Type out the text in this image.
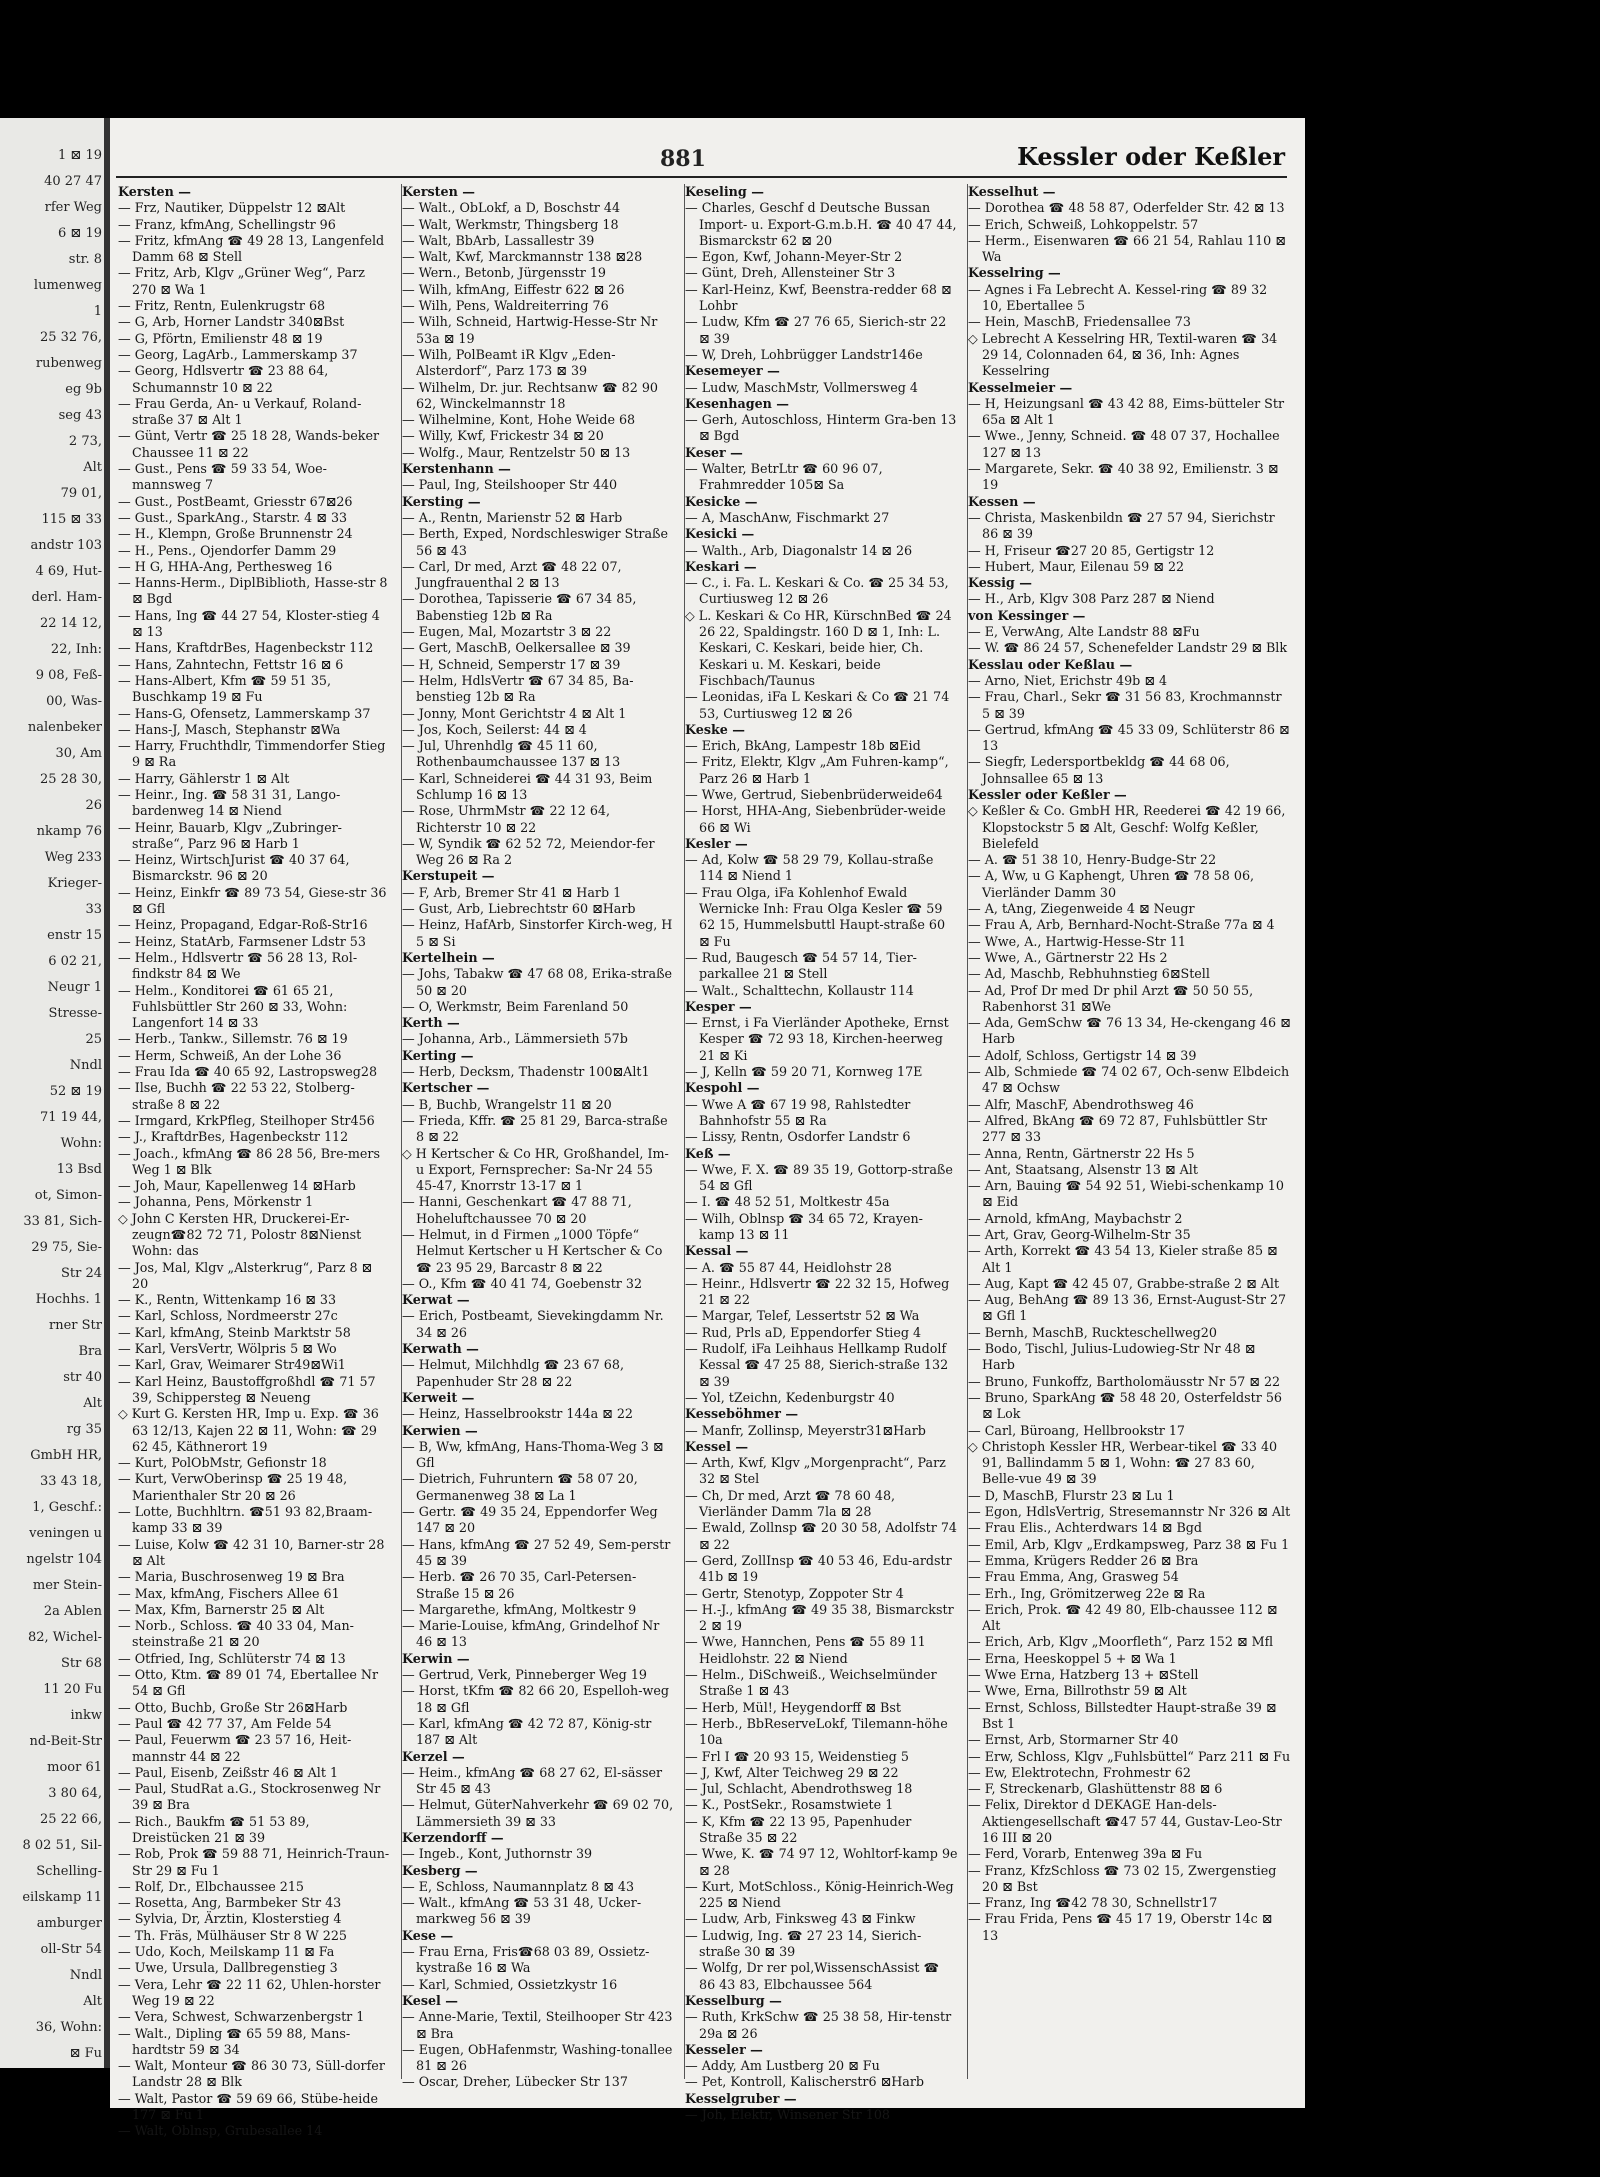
1 ⊠ 19
40 27 47
rfer Weg
6 ⊠ 19
str. 8
lumenweg
1
25 32 76,
rubenweg
eg 9b
seg 43
2 73,
Alt
79 01,
115 ⊠ 33
andstr 103
4 69, Hut-
derl. Ham-
22 14 12,
22, Inh:
9 08, Feß-
00, Was-
nalenbeker
30, Am
25 28 30,
26
nkamp 76
Weg 233
Krieger-
33
enstr 15
6 02 21,
Neugr 1
Stresse-
25
Nndl
52 ⊠ 19
71 19 44,
Wohn:
13 Bsd
ot, Simon-
33 81, Sich-
29 75, Sie-
Str 24
Hochhs. 1
rner Str
Bra
str 40
Alt
rg 35
GmbH HR,
33 43 18,
1, Geschf.:
veningen u
ngelstr 104
mer Stein-
2a Ablen
82, Wichel-
Str 68
11 20 Fu
inkw
nd-Beit-Str
moor 61
3 80 64,
25 22 66,
8 02 51, Sil-
Schelling-
eilskamp 11
amburger
oll-Str 54
Nndl
Alt
36, Wohn:
⊠ Fu
881	Kessler oder Keßler
Kersten —
— Frz, Nautiker, Düppelstr 12 ⊠Alt
— Franz, kfmAng, Schellingstr 96
— Fritz, kfmAng ☎ 49 28 13, Langenfeld Damm 68 ⊠ Stell
— Fritz, Arb, Klgv „Grüner Weg“, Parz 270 ⊠ Wa 1
— Fritz, Rentn, Eulenkrugstr 68
— G, Arb, Horner Landstr 340⊠Bst
— G, Pförtn, Emilienstr 48 ⊠ 19
— Georg, LagArb., Lammerskamp 37
— Georg, Hdlsvertr ☎ 23 88 64, Schumannstr 10 ⊠ 22
— Frau Gerda, An- u Verkauf, Roland-straße 37 ⊠ Alt 1
— Günt, Vertr ☎ 25 18 28, Wands-beker Chaussee 11 ⊠ 22
— Gust., Pens ☎ 59 33 54, Woe-mannsweg 7
— Gust., PostBeamt, Griesstr 67⊠26
— Gust., SparkAng., Starstr. 4 ⊠ 33
— H., Klempn, Große Brunnenstr 24
— H., Pens., Ojendorfer Damm 29
— H G, HHA-Ang, Perthesweg 16
— Hanns-Herm., DiplBiblioth, Hasse-str 8 ⊠ Bgd
— Hans, Ing ☎ 44 27 54, Kloster-stieg 4 ⊠ 13
— Hans, KraftdrBes, Hagenbeckstr 112
— Hans, Zahntechn, Fettstr 16 ⊠ 6
— Hans-Albert, Kfm ☎ 59 51 35, Buschkamp 19 ⊠ Fu
— Hans-G, Ofensetz, Lammerskamp 37
— Hans-J, Masch, Stephanstr ⊠Wa
— Harry, Fruchthdlr, Timmendorfer Stieg 9 ⊠ Ra
— Harry, Gählerstr 1 ⊠ Alt
— Heinr., Ing. ☎ 58 31 31, Lango-bardenweg 14 ⊠ Niend
— Heinr, Bauarb, Klgv „Zubringer-straße“, Parz 96 ⊠ Harb 1
— Heinz, WirtschJurist ☎ 40 37 64, Bismarckstr. 96 ⊠ 20
— Heinz, Einkfr ☎ 89 73 54, Giese-str 36 ⊠ Gfl
— Heinz, Propagand, Edgar-Roß-Str16
— Heinz, StatArb, Farmsener Ldstr 53
— Helm., Hdlsvertr ☎ 56 28 13, Rol-findkstr 84 ⊠ We
— Helm., Konditorei ☎ 61 65 21, Fuhlsbüttler Str 260 ⊠ 33, Wohn: Langenfort 14 ⊠ 33
— Herb., Tankw., Sillemstr. 76 ⊠ 19
— Herm, Schweiß, An der Lohe 36
— Frau Ida ☎ 40 65 92, Lastropsweg28
— Ilse, Buchh ☎ 22 53 22, Stolberg-straße 8 ⊠ 22
— Irmgard, KrkPfleg, Steilhoper Str456
— J., KraftdrBes, Hagenbeckstr 112
— Joach., kfmAng ☎ 86 28 56, Bre-mers Weg 1 ⊠ Blk
— Joh, Maur, Kapellenweg 14 ⊠Harb
— Johanna, Pens, Mörkenstr 1
◇ John C Kersten HR, Druckerei-Er-zeugn☎82 72 71, Polostr 8⊠Nienst Wohn: das
— Jos, Mal, Klgv „Alsterkrug“, Parz 8 ⊠ 20
— K., Rentn, Wittenkamp 16 ⊠ 33
— Karl, Schloss, Nordmeerstr 27c
— Karl, kfmAng, Steinb Marktstr 58
— Karl, VersVertr, Wölpris 5 ⊠ Wo
— Karl, Grav, Weimarer Str49⊠Wi1
— Karl Heinz, Baustoffgroßhdl ☎ 71 57 39, Schippersteg ⊠ Neueng
◇ Kurt G. Kersten HR, Imp u. Exp. ☎ 36 63 12/13, Kajen 22 ⊠ 11, Wohn: ☎ 29 62 45, Käthnerort 19
— Kurt, PolObMstr, Gefionstr 18
— Kurt, VerwOberinsp ☎ 25 19 48, Marienthaler Str 20 ⊠ 26
— Lotte, Buchhltrn. ☎51 93 82,Braam-kamp 33 ⊠ 39
— Luise, Kolw ☎ 42 31 10, Barner-str 28 ⊠ Alt
— Maria, Buschrosenweg 19 ⊠ Bra
— Max, kfmAng, Fischers Allee 61
— Max, Kfm, Barnerstr 25 ⊠ Alt
— Norb., Schloss. ☎ 40 33 04, Man-steinstraße 21 ⊠ 20
— Otfried, Ing, Schlüterstr 74 ⊠ 13
— Otto, Ktm. ☎ 89 01 74, Ebertallee Nr 54 ⊠ Gfl
— Otto, Buchb, Große Str 26⊠Harb
— Paul ☎ 42 77 37, Am Felde 54
— Paul, Feuerwm ☎ 23 57 16, Heit-mannstr 44 ⊠ 22
— Paul, Eisenb, Zeißstr 46 ⊠ Alt 1
— Paul, StudRat a.G., Stockrosenweg Nr 39 ⊠ Bra
— Rich., Baukfm ☎ 51 53 89, Dreistücken 21 ⊠ 39
— Rob, Prok ☎ 59 88 71, Heinrich-Traun-Str 29 ⊠ Fu 1
— Rolf, Dr., Elbchaussee 215
— Rosetta, Ang, Barmbeker Str 43
— Sylvia, Dr, Ärztin, Klosterstieg 4
— Th. Fräs, Mülhäuser Str 8 W 225
— Udo, Koch, Meilskamp 11 ⊠ Fa
— Uwe, Ursula, Dallbregenstieg 3
— Vera, Lehr ☎ 22 11 62, Uhlen-horster Weg 19 ⊠ 22
— Vera, Schwest, Schwarzenbergstr 1
— Walt., Dipling ☎ 65 59 88, Mans-hardtstr 59 ⊠ 34
— Walt, Monteur ☎ 86 30 73, Süll-dorfer Landstr 28 ⊠ Blk
— Walt, Pastor ☎ 59 69 66, Stübe-heide 177 ⊠ Fu 1
— Walt, Oblnsp, Grubesallee 14
Kersten —
— Walt., ObLokf, a D, Boschstr 44
— Walt, Werkmstr, Thingsberg 18
— Walt, BbArb, Lassallestr 39
— Walt, Kwf, Marckmannstr 138 ⊠28
— Wern., Betonb, Jürgensstr 19
— Wilh, kfmAng, Eiffestr 622 ⊠ 26
— Wilh, Pens, Waldreiterring 76
— Wilh, Schneid, Hartwig-Hesse-Str Nr 53a ⊠ 19
— Wilh, PolBeamt iR Klgv „Eden-Alsterdorf“, Parz 173 ⊠ 39
— Wilhelm, Dr. jur. Rechtsanw ☎ 82 90 62, Winckelmannstr 18
— Wilhelmine, Kont, Hohe Weide 68
— Willy, Kwf, Frickestr 34 ⊠ 20
— Wolfg., Maur, Rentzelstr 50 ⊠ 13
Kerstenhann —
— Paul, Ing, Steilshooper Str 440
Kersting —
— A., Rentn, Marienstr 52 ⊠ Harb
— Berth, Exped, Nordschleswiger Straße 56 ⊠ 43
— Carl, Dr med, Arzt ☎ 48 22 07, Jungfrauenthal 2 ⊠ 13
— Dorothea, Tapisserie ☎ 67 34 85, Babenstieg 12b ⊠ Ra
— Eugen, Mal, Mozartstr 3 ⊠ 22
— Gert, MaschB, Oelkersallee ⊠ 39
— H, Schneid, Semperstr 17 ⊠ 39
— Helm, HdlsVertr ☎ 67 34 85, Ba-benstieg 12b ⊠ Ra
— Jonny, Mont Gerichtstr 4 ⊠ Alt 1
— Jos, Koch, Seilerst: 44 ⊠ 4
— Jul, Uhrenhdlg ☎ 45 11 60, Rothenbaumchaussee 137 ⊠ 13
— Karl, Schneiderei ☎ 44 31 93, Beim Schlump 16 ⊠ 13
— Rose, UhrmMstr ☎ 22 12 64, Richterstr 10 ⊠ 22
— W, Syndik ☎ 62 52 72, Meiendor-fer Weg 26 ⊠ Ra 2
Kerstupeit —
— F, Arb, Bremer Str 41 ⊠ Harb 1
— Gust, Arb, Liebrechtstr 60 ⊠Harb
— Heinz, HafArb, Sinstorfer Kirch-weg, H 5 ⊠ Si
Kertelhein —
— Johs, Tabakw ☎ 47 68 08, Erika-straße 50 ⊠ 20
— O, Werkmstr, Beim Farenland 50
Kerth —
— Johanna, Arb., Lämmersieth 57b
Kerting —
— Herb, Decksm, Thadenstr 100⊠Alt1
Kertscher —
— B, Buchb, Wrangelstr 11 ⊠ 20
— Frieda, Kffr. ☎ 25 81 29, Barca-straße 8 ⊠ 22
◇ H Kertscher & Co HR, Großhandel, Im- u Export, Fernsprecher: Sa-Nr 24 55 45-47, Knorrstr 13-17 ⊠ 1
— Hanni, Geschenkart ☎ 47 88 71, Hoheluftchaussee 70 ⊠ 20
— Helmut, in d Firmen „1000 Töpfe“ Helmut Kertscher u H Kertscher & Co ☎ 23 95 29, Barcastr 8 ⊠ 22
— O., Kfm ☎ 40 41 74, Goebenstr 32
Kerwat —
— Erich, Postbeamt, Sievekingdamm Nr. 34 ⊠ 26
Kerwath —
— Helmut, Milchhdlg ☎ 23 67 68, Papenhuder Str 28 ⊠ 22
Kerweit —
— Heinz, Hasselbrookstr 144a ⊠ 22
Kerwien —
— B, Ww, kfmAng, Hans-Thoma-Weg 3 ⊠ Gfl
— Dietrich, Fuhruntern ☎ 58 07 20, Germanenweg 38 ⊠ La 1
— Gertr. ☎ 49 35 24, Eppendorfer Weg 147 ⊠ 20
— Hans, kfmAng ☎ 27 52 49, Sem-perstr 45 ⊠ 39
— Herb. ☎ 26 70 35, Carl-Petersen-Straße 15 ⊠ 26
— Margarethe, kfmAng, Moltkestr 9
— Marie-Louise, kfmAng, Grindelhof Nr 46 ⊠ 13
Kerwin —
— Gertrud, Verk, Pinneberger Weg 19
— Horst, tKfm ☎ 82 66 20, Espelloh-weg 18 ⊠ Gfl
— Karl, kfmAng ☎ 42 72 87, König-str 187 ⊠ Alt
Kerzel —
— Heim., kfmAng ☎ 68 27 62, El-sässer Str 45 ⊠ 43
— Helmut, GüterNahverkehr ☎ 69 02 70, Lämmersieth 39 ⊠ 33
Kerzendorff —
— Ingeb., Kont, Juthornstr 39
Kesberg —
— E, Schloss, Naumannplatz 8 ⊠ 43
— Walt., kfmAng ☎ 53 31 48, Ucker-markweg 56 ⊠ 39
Kese —
— Frau Erna, Fris☎68 03 89, Ossietz-kystraße 16 ⊠ Wa
— Karl, Schmied, Ossietzkystr 16
Kesel —
— Anne-Marie, Textil, Steilhooper Str 423 ⊠ Bra
— Eugen, ObHafenmstr, Washing-tonallee 81 ⊠ 26
— Oscar, Dreher, Lübecker Str 137
Keseling —
— Charles, Geschf d Deutsche Bussan Import- u. Export-G.m.b.H. ☎ 40 47 44, Bismarckstr 62 ⊠ 20
— Egon, Kwf, Johann-Meyer-Str 2
— Günt, Dreh, Allensteiner Str 3
— Karl-Heinz, Kwf, Beenstra-redder 68 ⊠ Lohbr
— Ludw, Kfm ☎ 27 76 65, Sierich-str 22 ⊠ 39
— W, Dreh, Lohbrügger Landstr146e
Kesemeyer —
— Ludw, MaschMstr, Vollmersweg 4
Kesenhagen —
— Gerh, Autoschloss, Hinterm Gra-ben 13 ⊠ Bgd
Keser —
— Walter, BetrLtr ☎ 60 96 07, Frahmredder 105⊠ Sa
Kesicke —
— A, MaschAnw, Fischmarkt 27
Kesicki —
— Walth., Arb, Diagonalstr 14 ⊠ 26
Keskari —
— C., i. Fa. L. Keskari & Co. ☎ 25 34 53, Curtiusweg 12 ⊠ 26
◇ L. Keskari & Co HR, KürschnBed ☎ 24 26 22, Spaldingstr. 160 D ⊠ 1, Inh: L. Keskari, C. Keskari, beide hier, Ch. Keskari u. M. Keskari, beide Fischbach/Taunus
— Leonidas, iFa L Keskari & Co ☎ 21 74 53, Curtiusweg 12 ⊠ 26
Keske —
— Erich, BkAng, Lampestr 18b ⊠Eid
— Fritz, Elektr, Klgv „Am Fuhren-kamp“, Parz 26 ⊠ Harb 1
— Wwe, Gertrud, Siebenbrüderweide64
— Horst, HHA-Ang, Siebenbrüder-weide 66 ⊠ Wi
Kesler —
— Ad, Kolw ☎ 58 29 79, Kollau-straße 114 ⊠ Niend 1
— Frau Olga, iFa Kohlenhof Ewald Wernicke Inh: Frau Olga Kesler ☎ 59 62 15, Hummelsbuttl Haupt-straße 60 ⊠ Fu
— Rud, Baugesch ☎ 54 57 14, Tier-parkallee 21 ⊠ Stell
— Walt., Schalttechn, Kollaustr 114
Kesper —
— Ernst, i Fa Vierländer Apotheke, Ernst Kesper ☎ 72 93 18, Kirchen-heerweg 21 ⊠ Ki
— J, Kelln ☎ 59 20 71, Kornweg 17E
Kespohl —
— Wwe A ☎ 67 19 98, Rahlstedter Bahnhofstr 55 ⊠ Ra
— Lissy, Rentn, Osdorfer Landstr 6
Keß —
— Wwe, F. X. ☎ 89 35 19, Gottorp-straße 54 ⊠ Gfl
— I. ☎ 48 52 51, Moltkestr 45a
— Wilh, Oblnsp ☎ 34 65 72, Krayen-kamp 13 ⊠ 11
Kessal —
— A. ☎ 55 87 44, Heidlohstr 28
— Heinr., Hdlsvertr ☎ 22 32 15, Hofweg 21 ⊠ 22
— Margar, Telef, Lessertstr 52 ⊠ Wa
— Rud, Prls aD, Eppendorfer Stieg 4
— Rudolf, iFa Leihhaus Hellkamp Rudolf Kessal ☎ 47 25 88, Sierich-straße 132 ⊠ 39
— Yol, tZeichn, Kedenburgstr 40
Kesseböhmer —
— Manfr, Zollinsp, Meyerstr31⊠Harb
Kessel —
— Arth, Kwf, Klgv „Morgenpracht“, Parz 32 ⊠ Stel
— Ch, Dr med, Arzt ☎ 78 60 48, Vierländer Damm 7la ⊠ 28
— Ewald, Zollnsp ☎ 20 30 58, Adolfstr 74 ⊠ 22
— Gerd, ZollInsp ☎ 40 53 46, Edu-ardstr 41b ⊠ 19
— Gertr, Stenotyp, Zoppoter Str 4
— H.-J., kfmAng ☎ 49 35 38, Bismarckstr 2 ⊠ 19
— Wwe, Hannchen, Pens ☎ 55 89 11 Heidlohstr. 22 ⊠ Niend
— Helm., DiSchweiß., Weichselmünder Straße 1 ⊠ 43
— Herb, Mül!, Heygendorff ⊠ Bst
— Herb., BbReserveLokf, Tilemann-höhe 10a
— Frl I ☎ 20 93 15, Weidenstieg 5
— J, Kwf, Alter Teichweg 29 ⊠ 22
— Jul, Schlacht, Abendrothsweg 18
— K., PostSekr., Rosamstwiete 1
— K, Kfm ☎ 22 13 95, Papenhuder Straße 35 ⊠ 22
— Wwe, K. ☎ 74 97 12, Wohltorf-kamp 9e ⊠ 28
— Kurt, MotSchloss., König-Heinrich-Weg 225 ⊠ Niend
— Ludw, Arb, Finksweg 43 ⊠ Finkw
— Ludwig, Ing. ☎ 27 23 14, Sierich-straße 30 ⊠ 39
— Wolfg, Dr rer pol,WissenschAssist ☎ 86 43 83, Elbchaussee 564
Kesselburg —
— Ruth, KrkSchw ☎ 25 38 58, Hir-tenstr 29a ⊠ 26
Kesseler —
— Addy, Am Lustberg 20 ⊠ Fu
— Pet, Kontroll, Kalischerstr6 ⊠Harb
Kesselgruber —
— Joh, Elektr, Winsener Str 108
Kesselhut —
— Dorothea ☎ 48 58 87, Oderfelder Str. 42 ⊠ 13
— Erich, Schweiß, Lohkoppelstr. 57
— Herm., Eisenwaren ☎ 66 21 54, Rahlau 110 ⊠ Wa
Kesselring —
— Agnes i Fa Lebrecht A. Kessel-ring ☎ 89 32 10, Ebertallee 5
— Hein, MaschB, Friedensallee 73
◇ Lebrecht A Kesselring HR, Textil-waren ☎ 34 29 14, Colonnaden 64, ⊠ 36, Inh: Agnes Kesselring
Kesselmeier —
— H, Heizungsanl ☎ 43 42 88, Eims-bütteler Str 65a ⊠ Alt 1
— Wwe., Jenny, Schneid. ☎ 48 07 37, Hochallee 127 ⊠ 13
— Margarete, Sekr. ☎ 40 38 92, Emilienstr. 3 ⊠ 19
Kessen —
— Christa, Maskenbildn ☎ 27 57 94, Sierichstr 86 ⊠ 39
— H, Friseur ☎27 20 85, Gertigstr 12
— Hubert, Maur, Eilenau 59 ⊠ 22
Kessig —
— H., Arb, Klgv 308 Parz 287 ⊠ Niend
von Kessinger —
— E, VerwAng, Alte Landstr 88 ⊠Fu
— W. ☎ 86 24 57, Schenefelder Landstr 29 ⊠ Blk
Kesslau oder Keßlau —
— Arno, Niet, Erichstr 49b ⊠ 4
— Frau, Charl., Sekr ☎ 31 56 83, Krochmannstr 5 ⊠ 39
— Gertrud, kfmAng ☎ 45 33 09, Schlüterstr 86 ⊠ 13
— Siegfr, Ledersportbekldg ☎ 44 68 06, Johnsallee 65 ⊠ 13
Kessler oder Keßler —
◇ Keßler & Co. GmbH HR, Reederei ☎ 42 19 66, Klopstockstr 5 ⊠ Alt, Geschf: Wolfg Keßler, Bielefeld
— A. ☎ 51 38 10, Henry-Budge-Str 22
— A, Ww, u G Kaphengt, Uhren ☎ 78 58 06, Vierländer Damm 30
— A, tAng, Ziegenweide 4 ⊠ Neugr
— Frau A, Arb, Bernhard-Nocht-Straße 77a ⊠ 4
— Wwe, A., Hartwig-Hesse-Str 11
— Wwe, A., Gärtnerstr 22 Hs 2
— Ad, Maschb, Rebhuhnstieg 6⊠Stell
— Ad, Prof Dr med Dr phil Arzt ☎ 50 50 55, Rabenhorst 31 ⊠We
— Ada, GemSchw ☎ 76 13 34, He-ckengang 46 ⊠ Harb
— Adolf, Schloss, Gertigstr 14 ⊠ 39
— Alb, Schmiede ☎ 74 02 67, Och-senw Elbdeich 47 ⊠ Ochsw
— Alfr, MaschF, Abendrothsweg 46
— Alfred, BkAng ☎ 69 72 87, Fuhlsbüttler Str 277 ⊠ 33
— Anna, Rentn, Gärtnerstr 22 Hs 5
— Ant, Staatsang, Alsenstr 13 ⊠ Alt
— Arn, Bauing ☎ 54 92 51, Wiebi-schenkamp 10 ⊠ Eid
— Arnold, kfmAng, Maybachstr 2
— Art, Grav, Georg-Wilhelm-Str 35
— Arth, Korrekt ☎ 43 54 13, Kieler straße 85 ⊠ Alt 1
— Aug, Kapt ☎ 42 45 07, Grabbe-straße 2 ⊠ Alt
— Aug, BehAng ☎ 89 13 36, Ernst-August-Str 27 ⊠ Gfl 1
— Bernh, MaschB, Ruckteschellweg20
— Bodo, Tischl, Julius-Ludowieg-Str Nr 48 ⊠ Harb
— Bruno, Funkoffz, Bartholomäusstr Nr 57 ⊠ 22
— Bruno, SparkAng ☎ 58 48 20, Osterfeldstr 56 ⊠ Lok
— Carl, Büroang, Hellbrookstr 17
◇ Christoph Kessler HR, Werbear-tikel ☎ 33 40 91, Ballindamm 5 ⊠ 1, Wohn: ☎ 27 83 60, Belle-vue 49 ⊠ 39
— D, MaschB, Flurstr 23 ⊠ Lu 1
— Egon, HdlsVertrig, Stresemannstr Nr 326 ⊠ Alt
— Frau Elis., Achterdwars 14 ⊠ Bgd
— Emil, Arb, Klgv „Erdkampsweg, Parz 38 ⊠ Fu 1
— Emma, Krügers Redder 26 ⊠ Bra
— Frau Emma, Ang, Grasweg 54
— Erh., Ing, Grömitzerweg 22e ⊠ Ra
— Erich, Prok. ☎ 42 49 80, Elb-chaussee 112 ⊠ Alt
— Erich, Arb, Klgv „Moorfleth“, Parz 152 ⊠ Mfl
— Erna, Heeskoppel 5 + ⊠ Wa 1
— Wwe Erna, Hatzberg 13 + ⊠Stell
— Wwe, Erna, Billrothstr 59 ⊠ Alt
— Ernst, Schloss, Billstedter Haupt-straße 39 ⊠ Bst 1
— Ernst, Arb, Stormarner Str 40
— Erw, Schloss, Klgv „Fuhlsbüttel“ Parz 211 ⊠ Fu
— Ew, Elektrotechn, Frohmestr 62
— F, Streckenarb, Glashüttenstr 88 ⊠ 6
— Felix, Direktor d DEKAGE Han-dels-Aktiengesellschaft ☎47 57 44, Gustav-Leo-Str 16 III ⊠ 20
— Ferd, Vorarb, Entenweg 39a ⊠ Fu
— Franz, KfzSchloss ☎ 73 02 15, Zwergenstieg 20 ⊠ Bst
— Franz, Ing ☎42 78 30, Schnellstr17
— Frau Frida, Pens ☎ 45 17 19, Oberstr 14c ⊠ 13
